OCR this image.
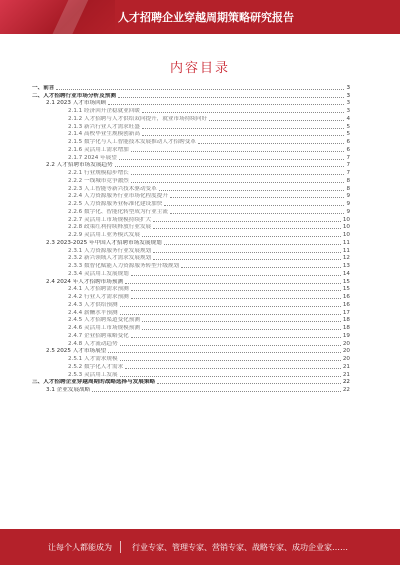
人才招聘企业穿越周期策略研究报告
内容目录
一、前言	3
二、人才招聘行业市场分析及预测	3
2.1 2023 人才市场回顾	3
2.1.1 经济回升企稳就业回暖	3
2.1.2 人才招聘与人才供给双向提升，就业市场持续向好	4
2.1.3 新兴行业人才需求旺盛	5
2.1.4 高校毕业生规模创新高	5
2.1.5 数字化与人工智能技术发展推动人才招聘变革	6
2.1.6 灵活用工需求增加	6
2.1.7 2024 年展望	7
2.2 人才招聘市场发展趋势	7
2.2.1 行业规模稳步增长	7
2.2.2 一线城市竞争激烈	8
2.2.3 人工智能等新兴技术驱动变革	8
2.2.4 人力资源服务行业市场化程度提升	9
2.2.5 人力资源服务业标准化建设加快	9
2.2.6 数字化、智能化转型成为行业主流	9
2.2.7 灵活用工市场规模持续扩大	10
2.2.8 政策红利持续释放行业发展	10
2.2.9 灵活用工业务模式发展	10
2.3 2023-2025 年中国人才招聘市场发展规划	11
2.3.1 人力资源服务行业发展规划	11
2.3.2 新兴领域人才需求发展规划	12
2.3.3 数智化赋能人力资源服务转型升级规划	13
2.3.4 灵活用工发展规划	14
2.4 2024 年人才招聘市场预测	15
2.4.1 人才招聘需求预测	15
2.4.2 行业人才需求预测	16
2.4.3 人才供给预测	16
2.4.4 薪酬水平预测	17
2.4.5 人才招聘渠道变化预测	18
2.4.6 灵活用工市场规模预测	18
2.4.7 企业招聘策略变化	19
2.4.8 人才流动趋势	20
2.5 2025 人才市场展望	20
2.5.1 人才需求规模	20
2.5.2 数字化人才需求	21
2.5.3 灵活用工发展	21
三、人才招聘企业穿越周期的战略选择与发展策略	22
3.1 企业发展战略	22
让每个人都能成为	行业专家、管理专家、营销专家、战略专家、成功企业家……
